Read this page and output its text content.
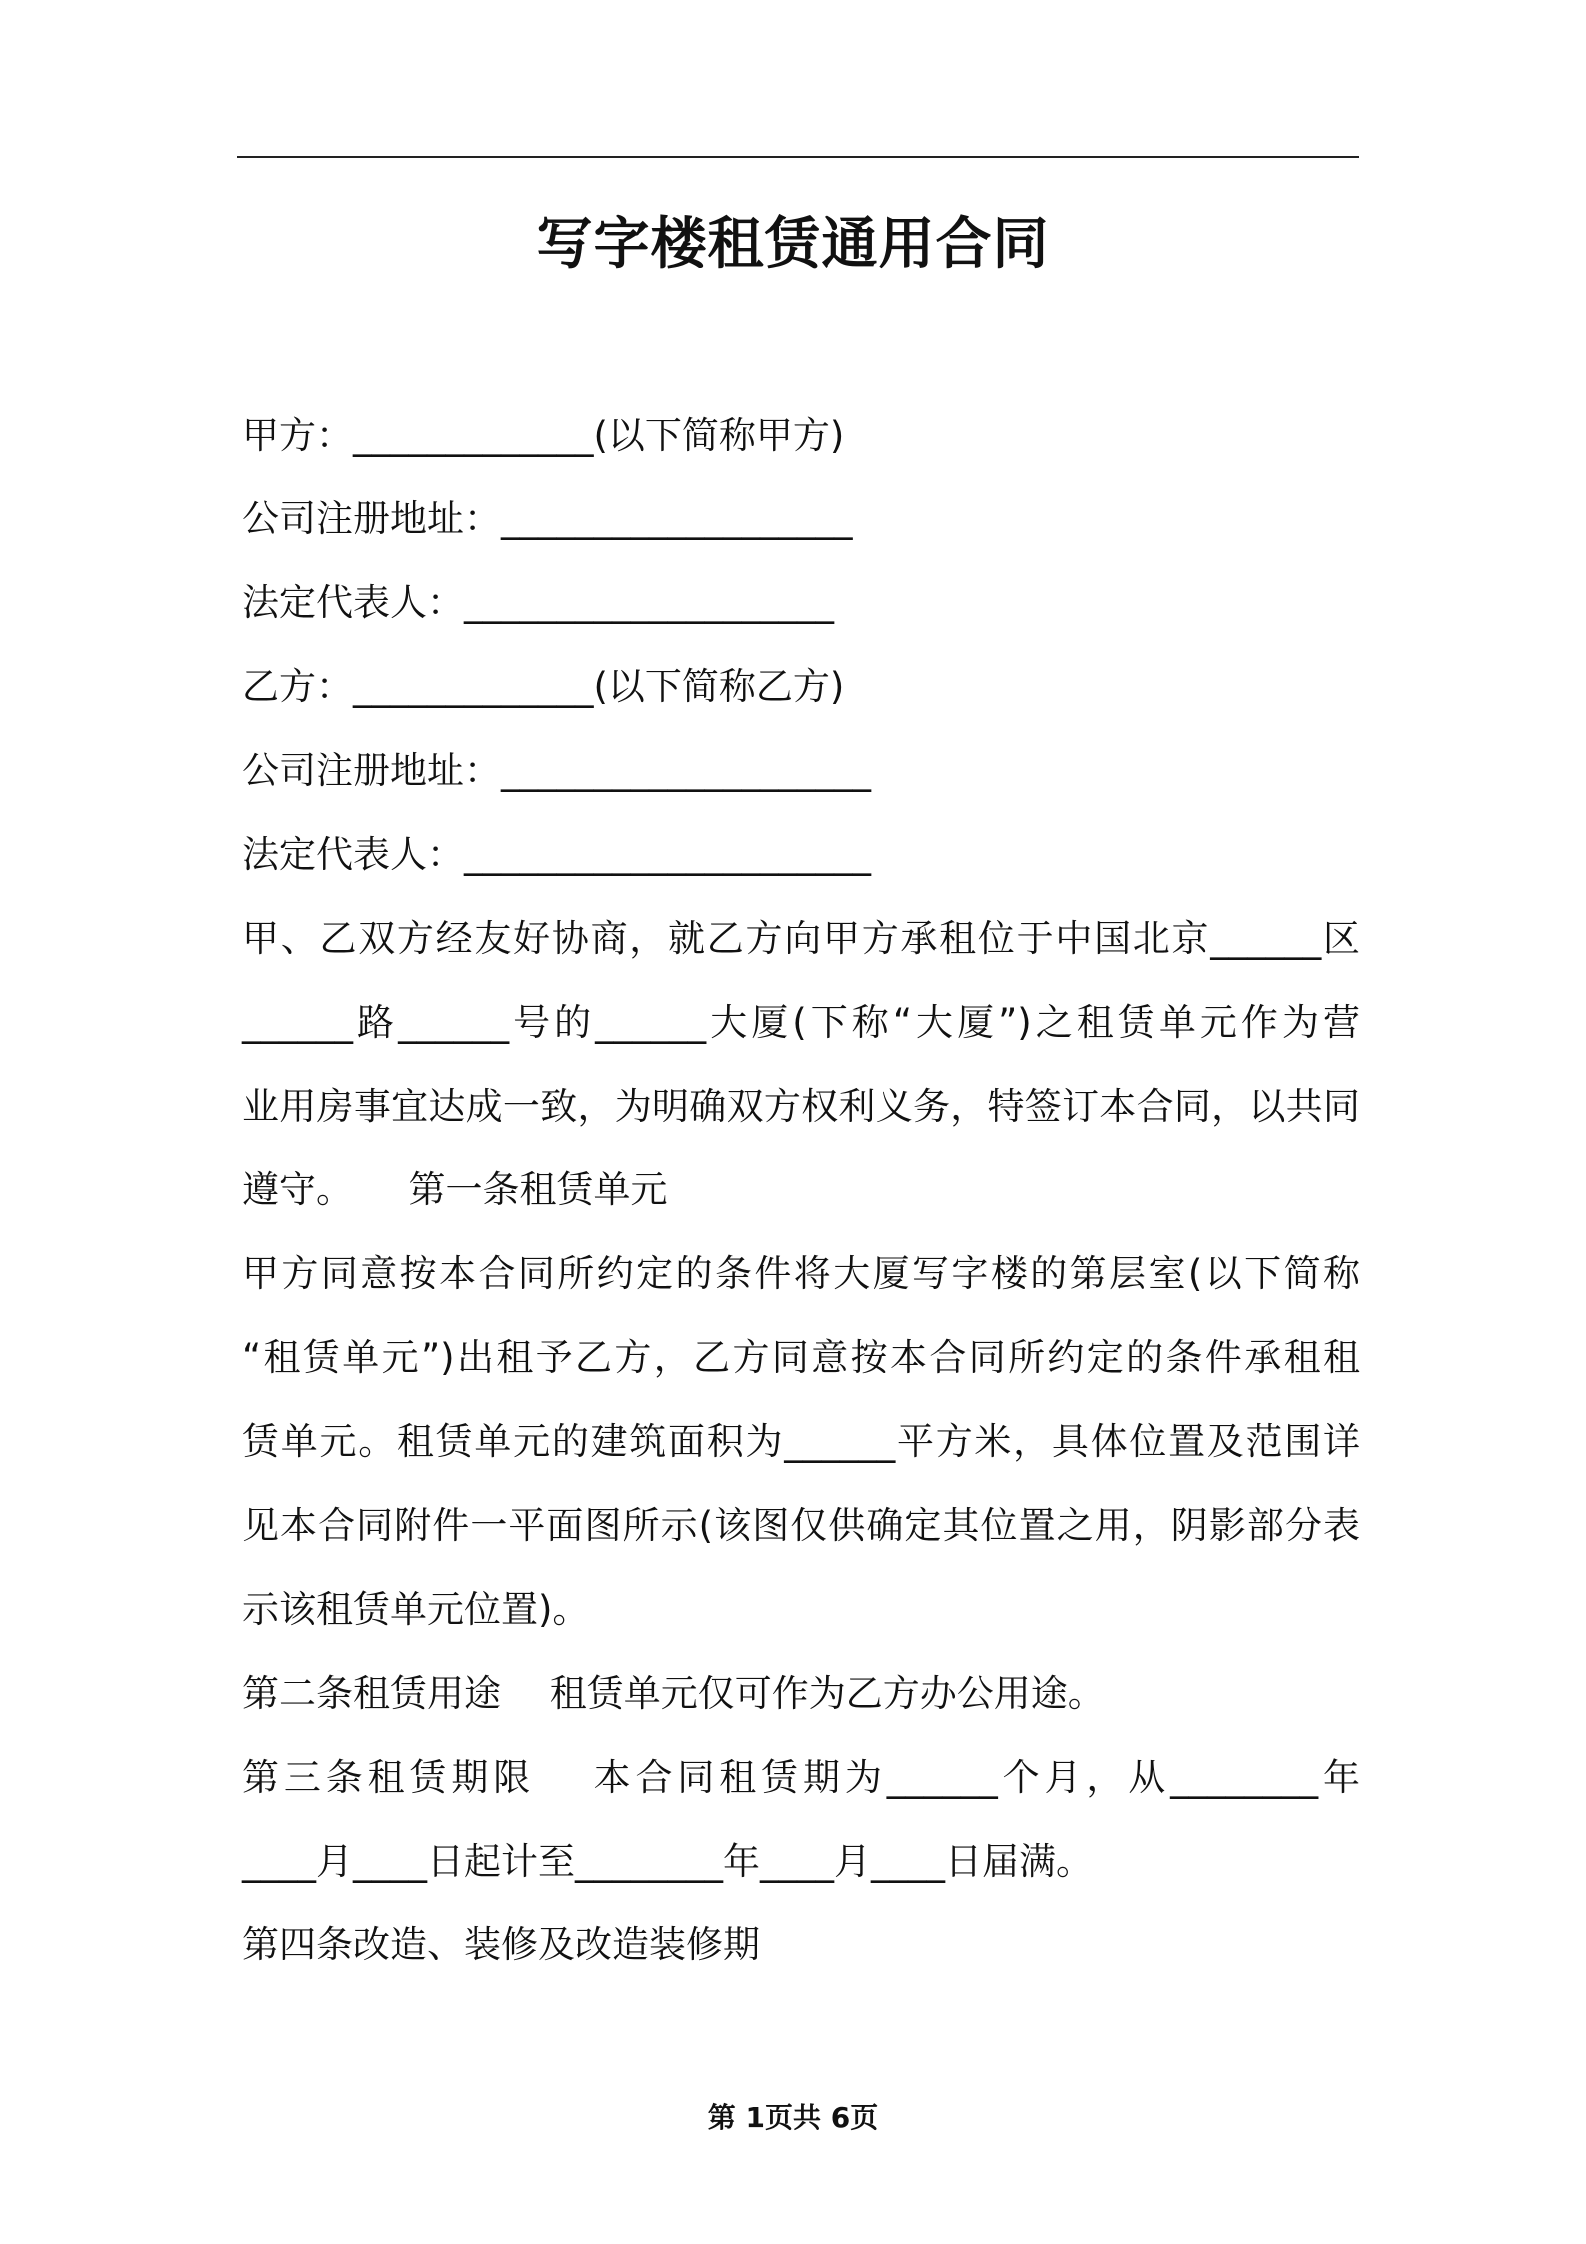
写字楼租赁通用合同
甲方：_____________(以下简称甲方)
公司注册地址：___________________
法定代表人：____________________
乙方：_____________(以下简称乙方)
公司注册地址：____________________
法定代表人：______________________
甲、乙双方经友好协商，就乙方向甲方承租位于中国北京______区
______路______号的______大厦(下称“大厦”)之租赁单元作为营
业用房事宜达成一致，为明确双方权利义务，特签订本合同，以共同
遵守。　　第一条租赁单元
甲方同意按本合同所约定的条件将大厦写字楼的第层室(以下简称
“租赁单元”)出租予乙方，乙方同意按本合同所约定的条件承租租
赁单元。租赁单元的建筑面积为______平方米，具体位置及范围详
见本合同附件一平面图所示(该图仅供确定其位置之用，阴影部分表
示该租赁单元位置)。
第二条租赁用途　 租赁单元仅可作为乙方办公用途。
第三条租赁期限　 本合同租赁期为______个月，从________年
____月____日起计至________年____月____日届满。
第四条改造、装修及改造装修期
第 1页共 6页
